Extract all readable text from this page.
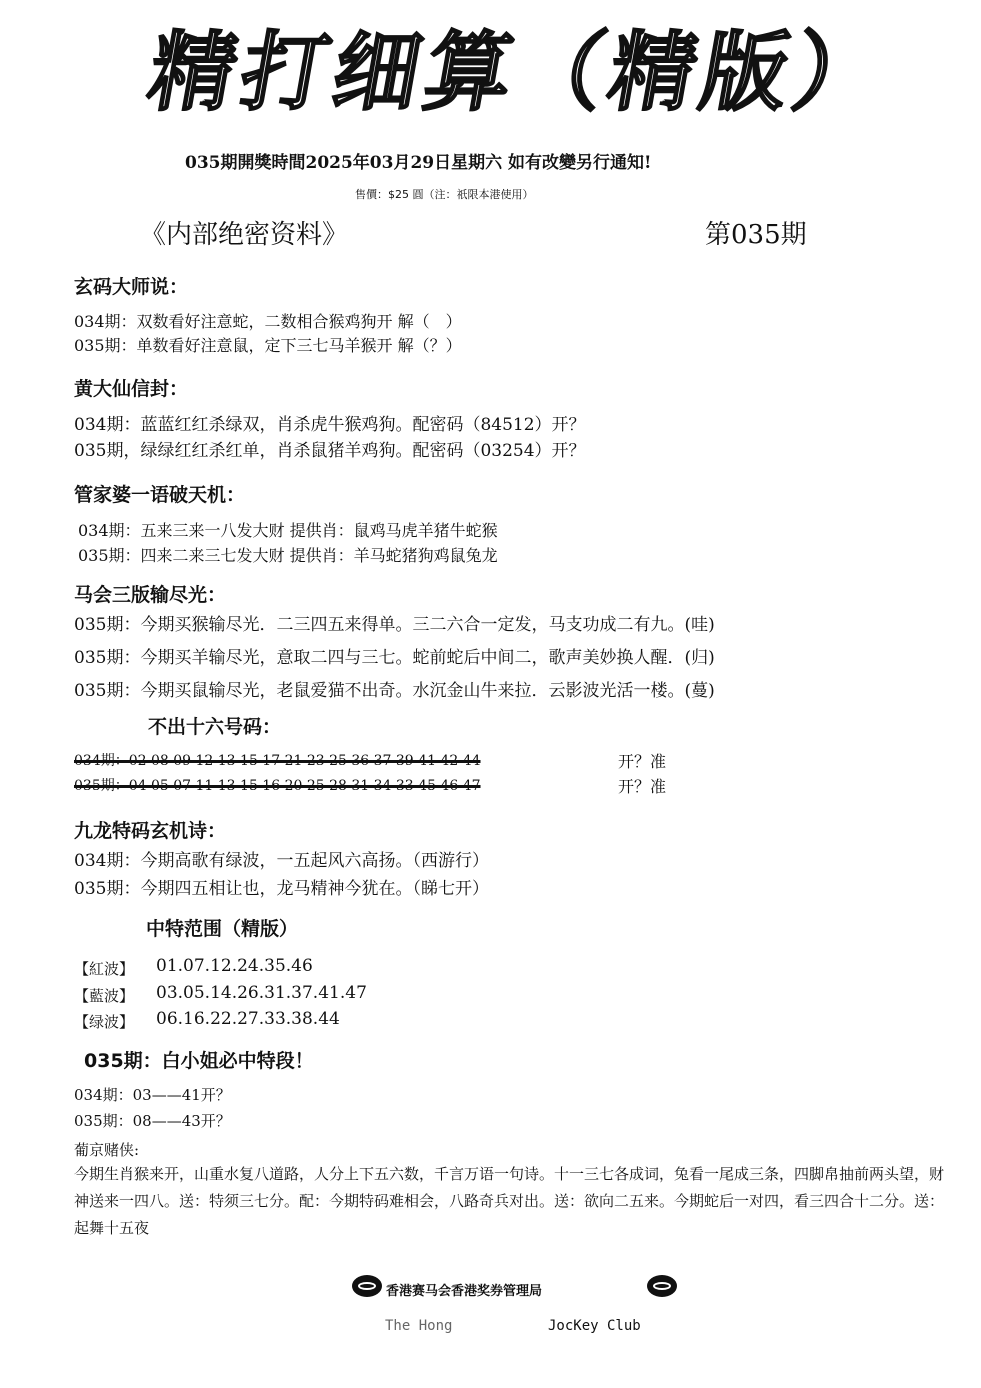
精打细算（精版）
035期開獎時間2025年03月29日星期六 如有改變另行通知!
售價：$25 圓（注：祇限本港使用）
《内部绝密资料》	第035期
玄码大师说：
034期：双数看好注意蛇，二数相合猴鸡狗开 解（　）
035期：单数看好注意鼠，定下三七马羊猴开 解（？）
黄大仙信封：
034期：蓝蓝红红杀绿双，肖杀虎牛猴鸡狗。配密码（84512）开？
035期，绿绿红红杀红单，肖杀鼠猪羊鸡狗。配密码（03254）开？
管家婆一语破天机：
034期：五来三来一八发大财 提供肖：鼠鸡马虎羊猪牛蛇猴
035期：四来二来三七发大财 提供肖：羊马蛇猪狗鸡鼠兔龙
马会三版输尽光：
035期：今期买猴输尽光．二三四五来得单。三二六合一定发，马支功成二有九。(哇)
035期：今期买羊输尽光，意取二四与三七。蛇前蛇后中间二，歌声美妙换人醒．(归)
035期：今期买鼠输尽光，老鼠爱猫不出奇。水沉金山牛来拉．云影波光活一楼。(蔓)
不出十六号码：
034期：02 08 09 12 13 15 17 21 23 25 36 37 39 41 42 44	开？准
035期：04 05 07 11 13 15 16 20 25 28 31 34 33 45 46 47	开？准
九龙特码玄机诗：
034期：今期高歌有绿波，一五起风六高扬。（西游行）
035期：今期四五相让也，龙马精神今犹在。（睇七开）
中特范围（精版）
【紅波】 01.07.12.24.35.46
【藍波】 03.05.14.26.31.37.41.47
【绿波】 06.16.22.27.33.38.44
035期：白小姐必中特段！
034期：03——41开？
035期：08——43开？
葡京赌侠:
今期生肖猴来开，山重水复八道路，人分上下五六数，千言万语一句诗。十一三七各成词，兔看一尾成三条，四脚帛抽前两头望，财神送来一四八。送：特须三七分。配：今期特码难相会，八路奇兵对出。送：欲向二五来。今期蛇后一对四，看三四合十二分。送：起舞十五夜

香港赛马会香港奖券管理局
The Hong	JocKey Club
